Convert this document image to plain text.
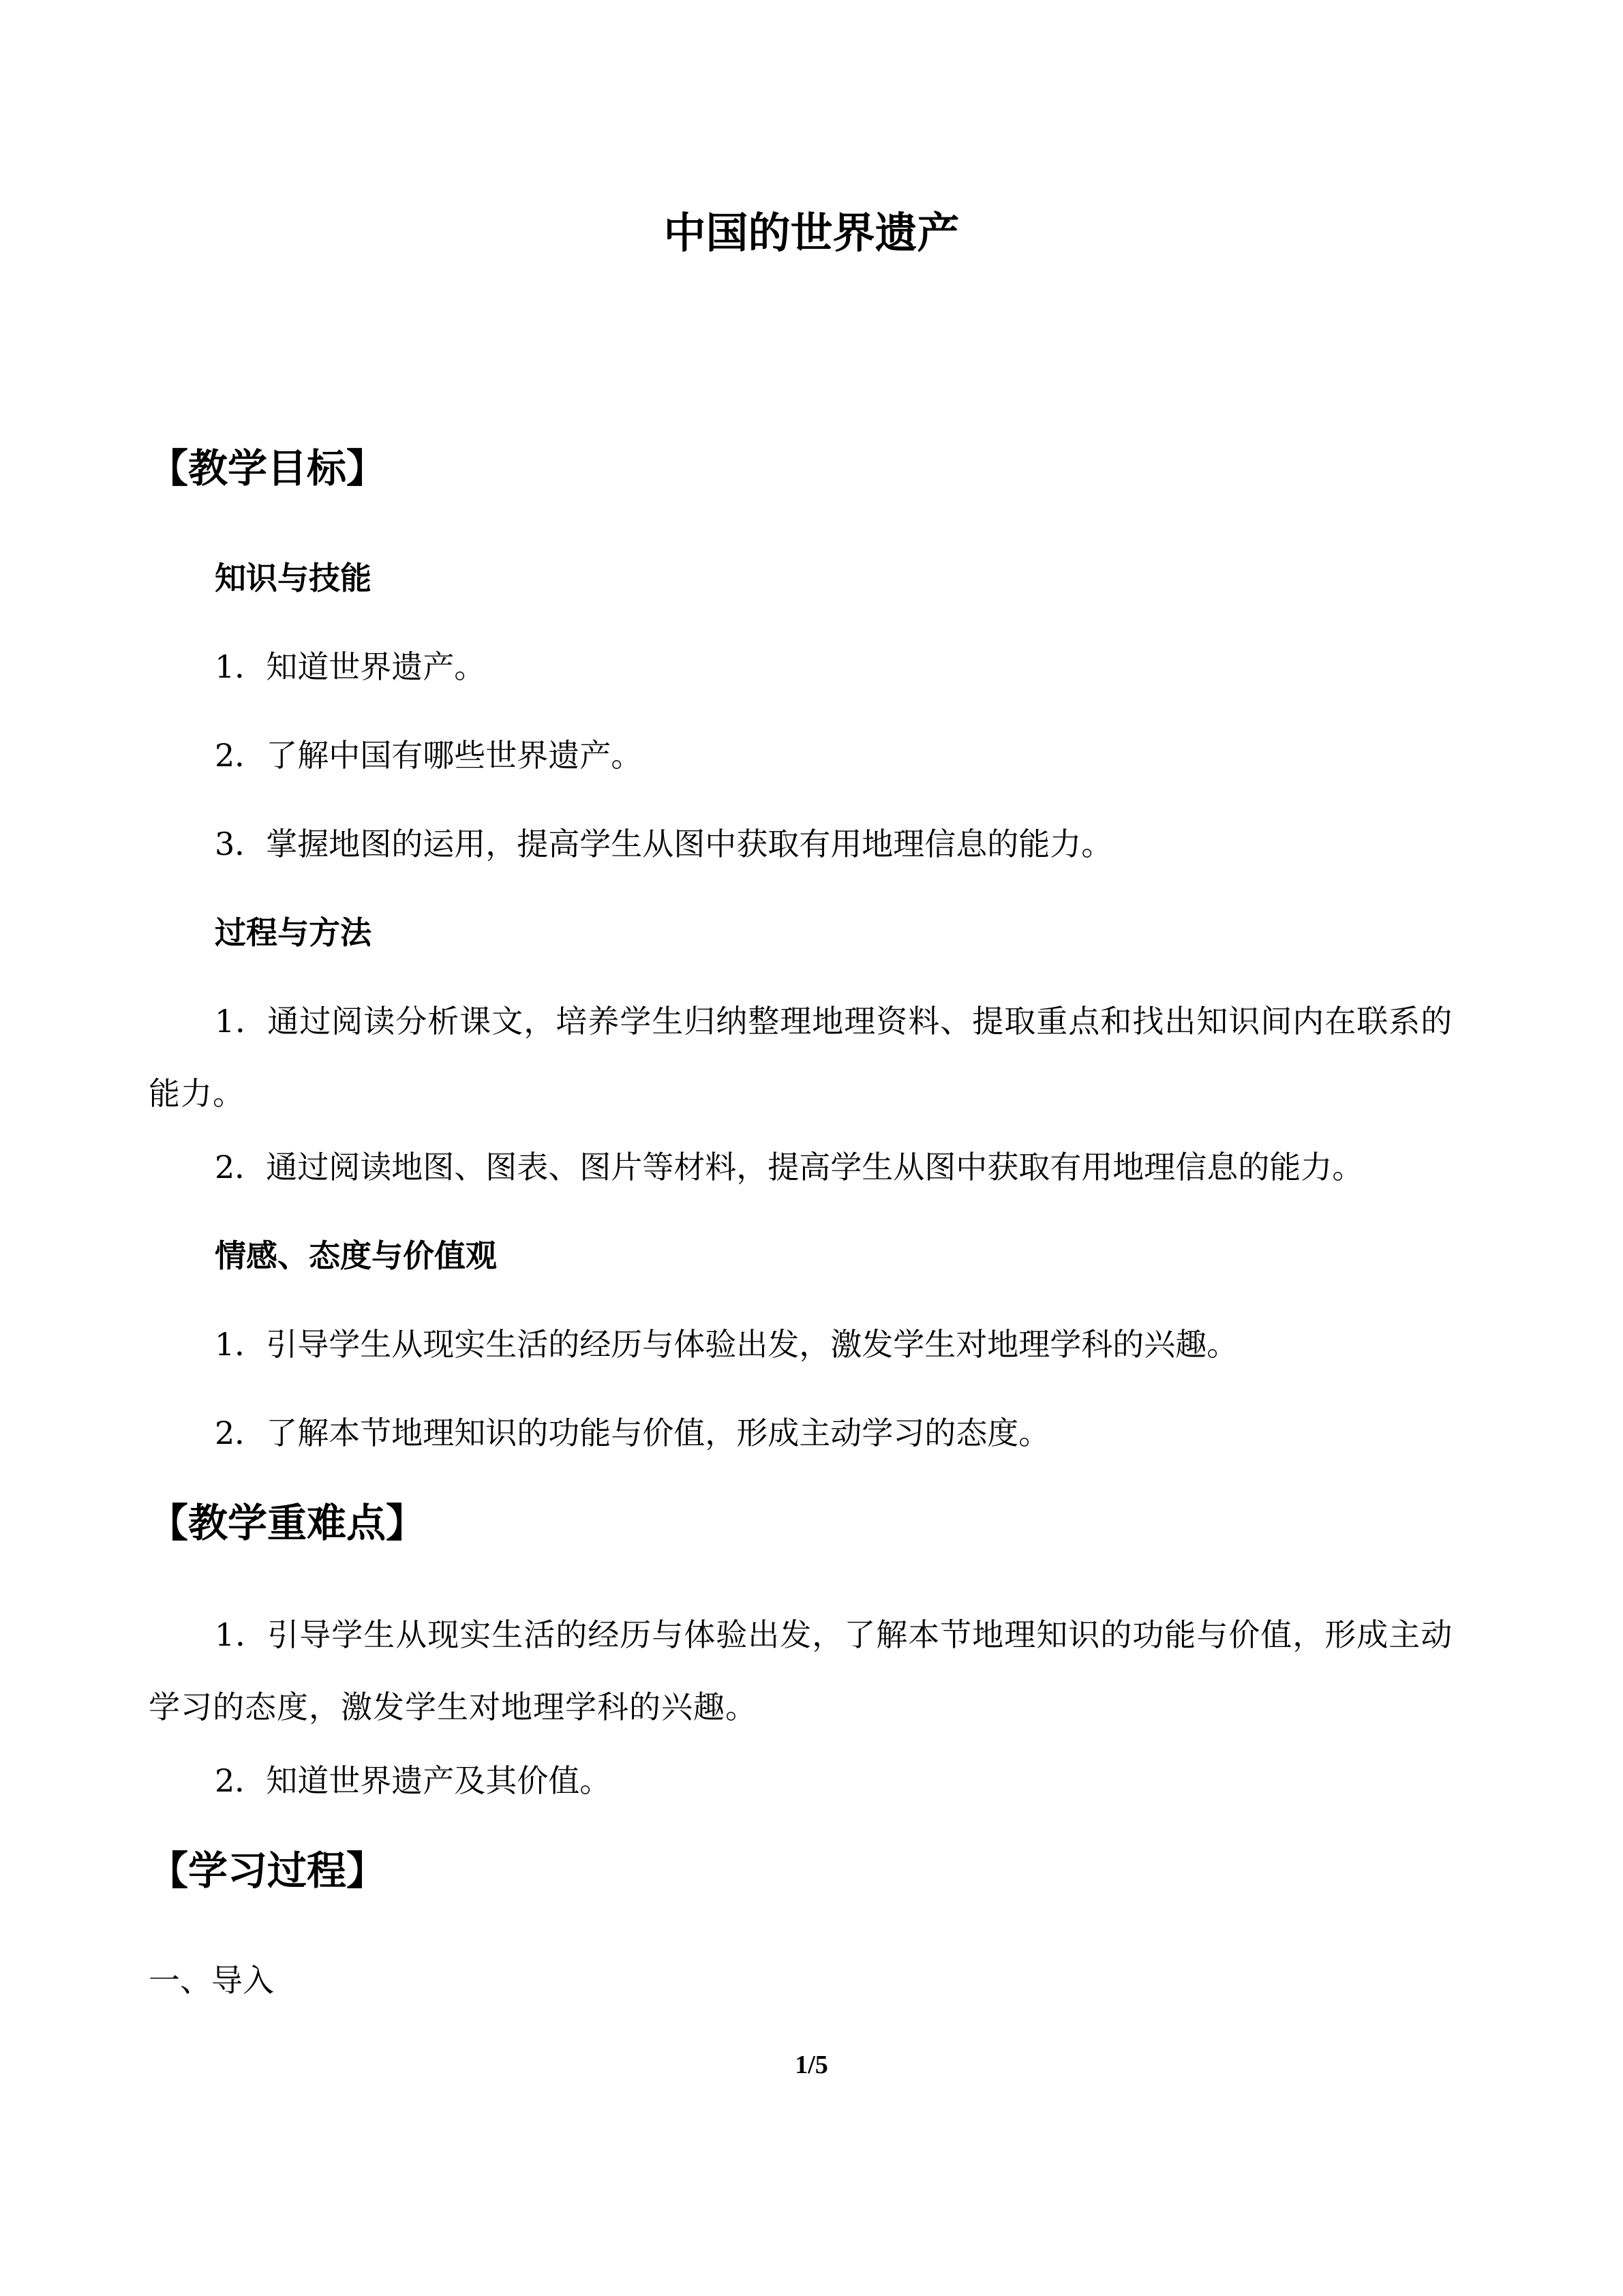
中国的世界遗产
【教学目标】
知识与技能
1．知道世界遗产。
2．了解中国有哪些世界遗产。
3．掌握地图的运用，提高学生从图中获取有用地理信息的能力。
过程与方法
1．通过阅读分析课文，培养学生归纳整理地理资料、提取重点和找出知识间内在联系的能力。
2．通过阅读地图、图表、图片等材料，提高学生从图中获取有用地理信息的能力。
情感、态度与价值观
1．引导学生从现实生活的经历与体验出发，激发学生对地理学科的兴趣。
2．了解本节地理知识的功能与价值，形成主动学习的态度。
【教学重难点】
1．引导学生从现实生活的经历与体验出发，了解本节地理知识的功能与价值，形成主动学习的态度，激发学生对地理学科的兴趣。
2．知道世界遗产及其价值。
【学习过程】
一、导入
1/5
